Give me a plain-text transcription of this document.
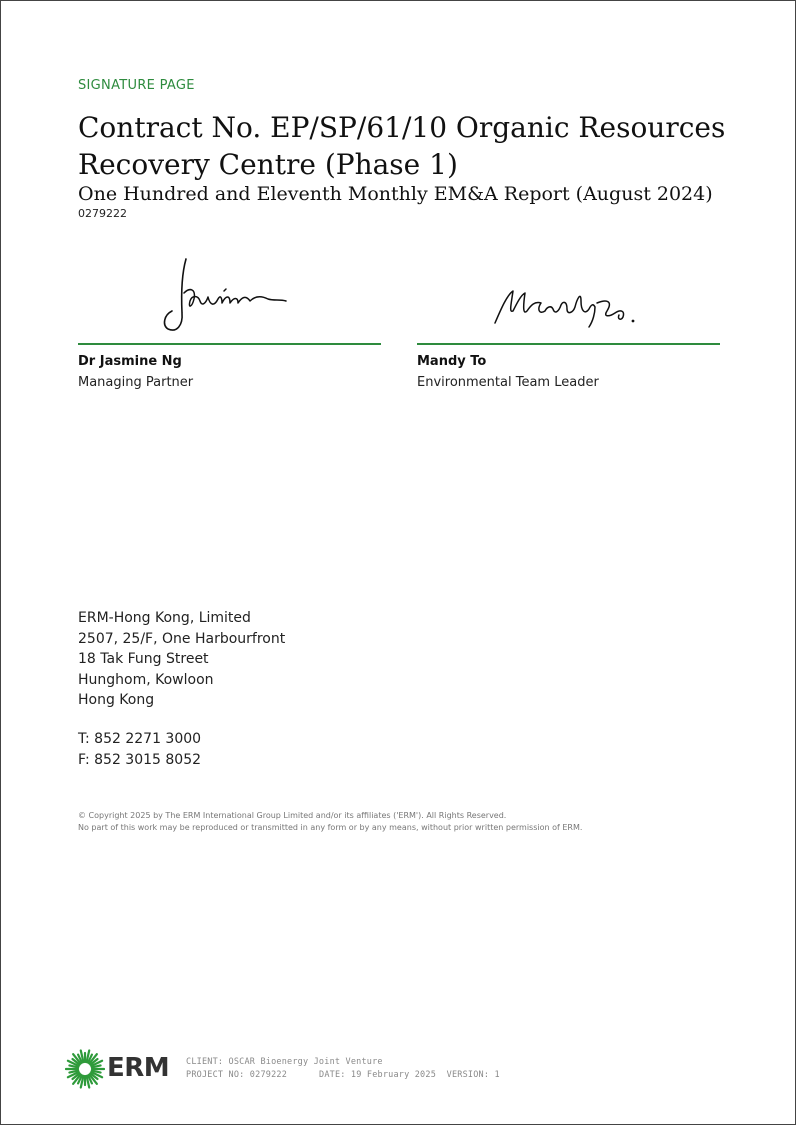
SIGNATURE PAGE
Contract No. EP/SP/61/10 Organic Resources Recovery Centre (Phase 1)
One Hundred and Eleventh Monthly EM&A Report (August 2024)
0279222
Dr Jasmine Ng
Managing Partner
Mandy To
Environmental Team Leader
ERM-Hong Kong, Limited
2507, 25/F, One Harbourfront
18 Tak Fung Street
Hunghom, Kowloon
Hong Kong
T: 852 2271 3000
F: 852 3015 8052
© Copyright 2025 by The ERM International Group Limited and/or its affiliates ('ERM'). All Rights Reserved.
No part of this work may be reproduced or transmitted in any form or by any means, without prior written permission of ERM.
ERM CLIENT: OSCAR Bioenergy Joint Venture
PROJECT NO: 0279222	DATE: 19 February 2025 VERSION: 1
